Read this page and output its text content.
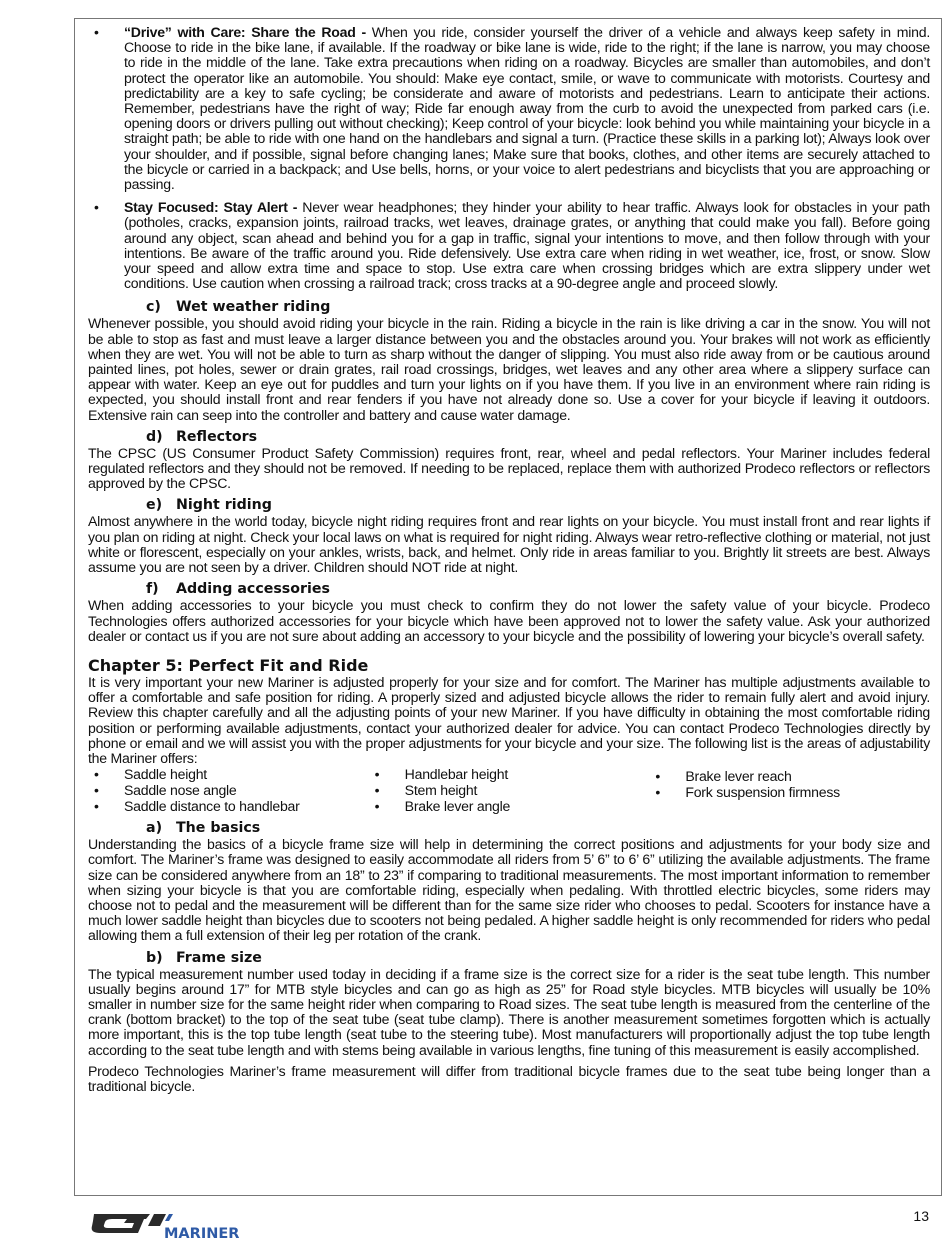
• “Drive” with Care: Share the Road - When you ride, consider yourself the driver of a vehicle and always keep safety in mind. Choose to ride in the bike lane, if available. If the roadway or bike lane is wide, ride to the right; if the lane is narrow, you may choose to ride in the middle of the lane. Take extra precautions when riding on a roadway. Bicycles are smaller than automobiles, and don’t protect the operator like an automobile. You should: Make eye contact, smile, or wave to communicate with motorists. Courtesy and predictability are a key to safe cycling; be considerate and aware of motorists and pedestrians. Learn to anticipate their actions. Remember, pedestrians have the right of way; Ride far enough away from the curb to avoid the unexpected from parked cars (i.e. opening doors or drivers pulling out without checking); Keep control of your bicycle: look behind you while maintaining your bicycle in a straight path; be able to ride with one hand on the handlebars and signal a turn. (Practice these skills in a parking lot); Always look over your shoulder, and if possible, signal before changing lanes; Make sure that books, clothes, and other items are securely attached to the bicycle or carried in a backpack; and Use bells, horns, or your voice to alert pedestrians and bicyclists that you are approaching or passing.
• Stay Focused: Stay Alert - Never wear headphones; they hinder your ability to hear traffic. Always look for obstacles in your path (potholes, cracks, expansion joints, railroad tracks, wet leaves, drainage grates, or anything that could make you fall). Before going around any object, scan ahead and behind you for a gap in traffic, signal your intentions to move, and then follow through with your intentions. Be aware of the traffic around you. Ride defensively. Use extra care when riding in wet weather, ice, frost, or snow. Slow your speed and allow extra time and space to stop. Use extra care when crossing bridges which are extra slippery under wet conditions. Use caution when crossing a railroad track; cross tracks at a 90-degree angle and proceed slowly.
c) Wet weather riding

Whenever possible, you should avoid riding your bicycle in the rain. Riding a bicycle in the rain is like driving a car in the snow. You will not be able to stop as fast and must leave a larger distance between you and the obstacles around you. Your brakes will not work as efficiently when they are wet. You will not be able to turn as sharp without the danger of slipping. You must also ride away from or be cautious around painted lines, pot holes, sewer or drain grates, rail road crossings, bridges, wet leaves and any other area where a slippery surface can appear with water. Keep an eye out for puddles and turn your lights on if you have them. If you live in an environment where rain riding is expected, you should install front and rear fenders if you have not already done so. Use a cover for your bicycle if leaving it outdoors. Extensive rain can seep into the controller and battery and cause water damage.

d) Reflectors

The CPSC (US Consumer Product Safety Commission) requires front, rear, wheel and pedal reflectors. Your Mariner includes federal regulated reflectors and they should not be removed. If needing to be replaced, replace them with authorized Prodeco reflectors or reflectors approved by the CPSC.

e) Night riding

Almost anywhere in the world today, bicycle night riding requires front and rear lights on your bicycle. You must install front and rear lights if you plan on riding at night. Check your local laws on what is required for night riding. Always wear retro-reflective clothing or material, not just white or florescent, especially on your ankles, wrists, back, and helmet. Only ride in areas familiar to you. Brightly lit streets are best. Always assume you are not seen by a driver. Children should NOT ride at night.

f) Adding accessories

When adding accessories to your bicycle you must check to confirm they do not lower the safety value of your bicycle. Prodeco Technologies offers authorized accessories for your bicycle which have been approved not to lower the safety value. Ask your authorized dealer or contact us if you are not sure about adding an accessory to your bicycle and the possibility of lowering your bicycle’s overall safety.

Chapter 5: Perfect Fit and Ride

It is very important your new Mariner is adjusted properly for your size and for comfort. The Mariner has multiple adjustments available to offer a comfortable and safe position for riding. A properly sized and adjusted bicycle allows the rider to remain fully alert and avoid injury. Review this chapter carefully and all the adjusting points of your new Mariner. If you have difficulty in obtaining the most comfortable riding position or performing available adjustments, contact your authorized dealer for advice. You can contact Prodeco Technologies directly by phone or email and we will assist you with the proper adjustments for your bicycle and your size. The following list is the areas of adjustability the Mariner offers:

• Saddle height
• Saddle nose angle
• Saddle distance to handlebar
• Handlebar height
• Stem height
• Brake lever angle
• Brake lever reach
• Fork suspension firmness
a) The basics

Understanding the basics of a bicycle frame size will help in determining the correct positions and adjustments for your body size and comfort. The Mariner’s frame was designed to easily accommodate all riders from 5’ 6” to 6’ 6” utilizing the available adjustments. The frame size can be considered anywhere from an 18” to 23” if comparing to traditional measurements. The most important information to remember when sizing your bicycle is that you are comfortable riding, especially when pedaling. With throttled electric bicycles, some riders may choose not to pedal and the measurement will be different than for the same size rider who chooses to pedal. Scooters for instance have a much lower saddle height than bicycles due to scooters not being pedaled. A higher saddle height is only recommended for riders who pedal allowing them a full extension of their leg per rotation of the crank.

b) Frame size

The typical measurement number used today in deciding if a frame size is the correct size for a rider is the seat tube length. This number usually begins around 17” for MTB style bicycles and can go as high as 25” for Road style bicycles. MTB bicycles will usually be 10% smaller in number size for the same height rider when comparing to Road sizes. The seat tube length is measured from the centerline of the crank (bottom bracket) to the top of the seat tube (seat tube clamp). There is another measurement sometimes forgotten which is actually more important, this is the top tube length (seat tube to the steering tube). Most manufacturers will proportionally adjust the top tube length according to the seat tube length and with stems being available in various lengths, fine tuning of this measurement is easily accomplished.

Prodeco Technologies Mariner’s frame measurement will differ from traditional bicycle frames due to the seat tube being longer than a traditional bicycle.

MARINER
13
